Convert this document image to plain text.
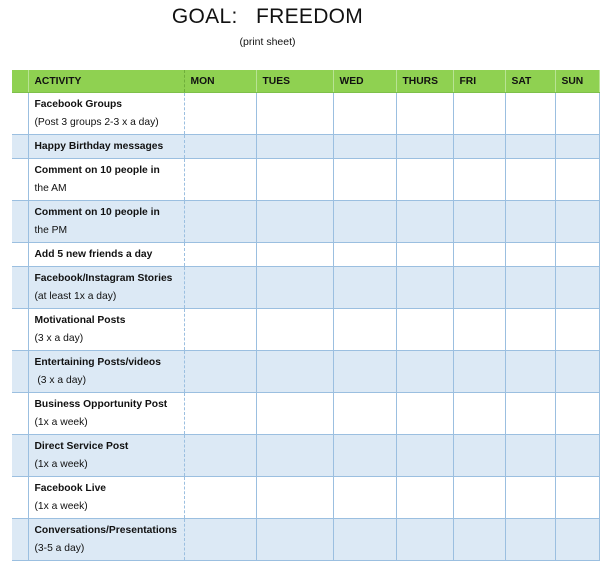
GOAL:   FREEDOM
(print sheet)
	ACTIVITY	MON	TUES	WED	THURS	FRI	SAT	SUN

	Facebook Groups
(Post 3 groups 2-3 x a day)							

	Happy Birthday messages							

	Comment on 10 people in
the AM							

	Comment on 10 people in
the PM							

	Add 5 new friends a day							

	Facebook/Instagram Stories
(at least 1x a day)							

	Motivational Posts
(3 x a day)							

	Entertaining Posts/videos
(3 x a day)							

	Business Opportunity Post
(1x a week)							

	Direct Service Post
(1x a week)							

	Facebook Live
(1x a week)							

	Conversations/Presentations
(3-5 a day)							
